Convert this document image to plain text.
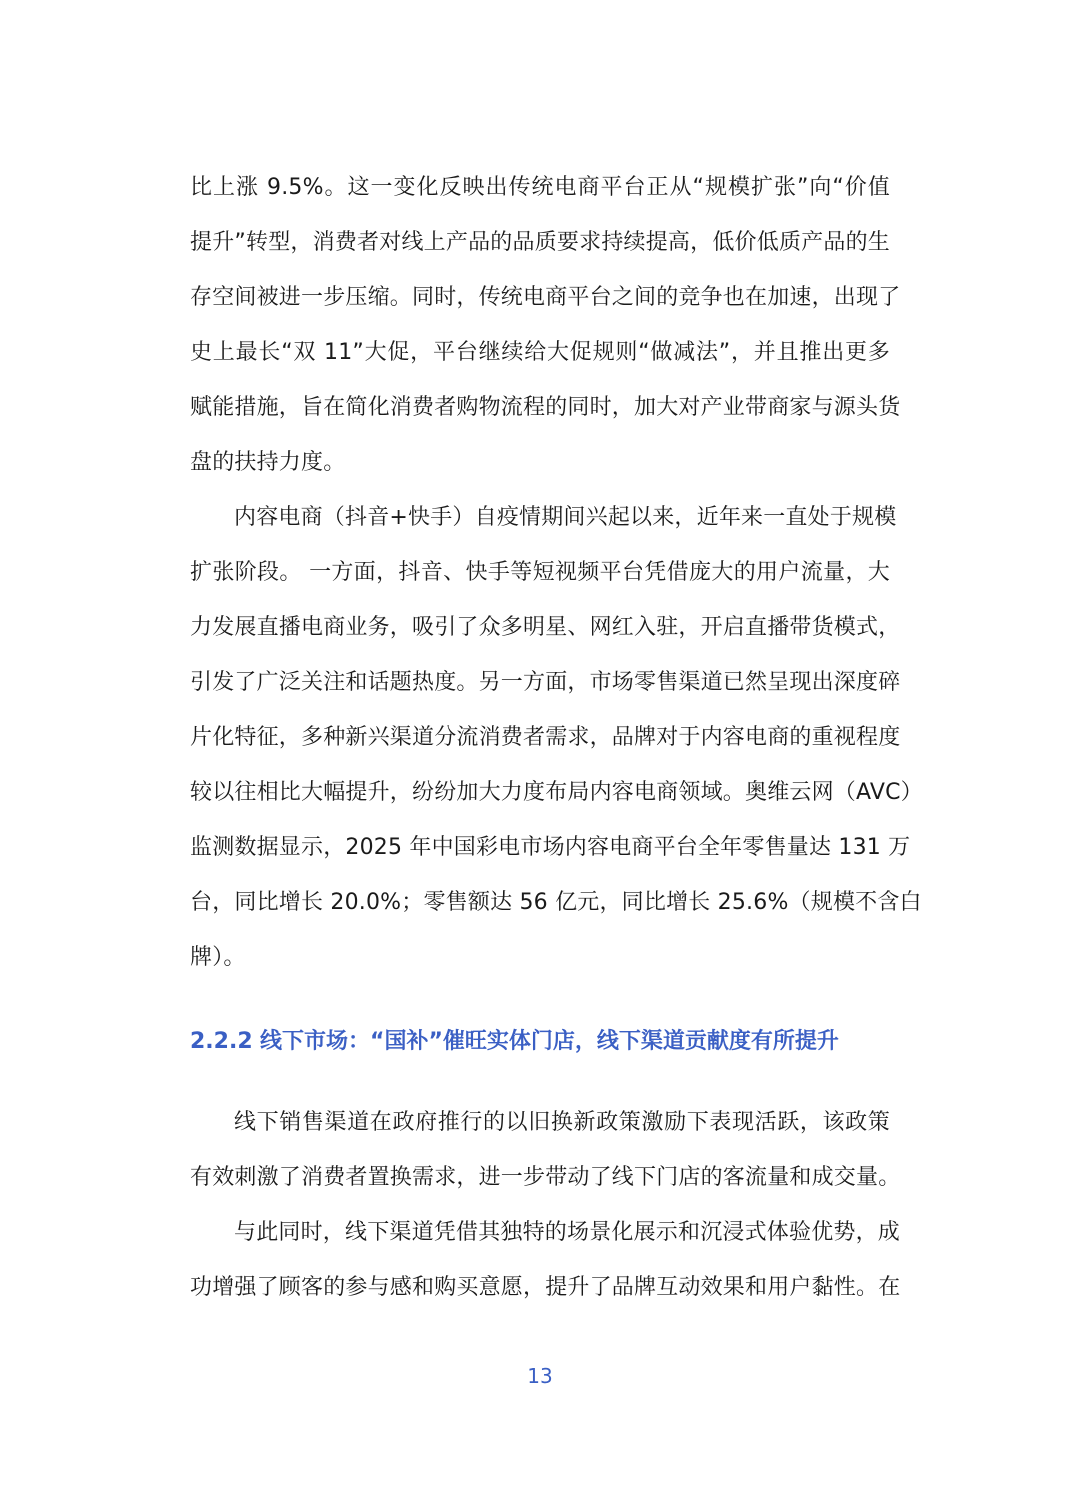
比上涨 9.5%。这一变化反映出传统电商平台正从“规模扩张”向“价值
提升”转型，消费者对线上产品的品质要求持续提高，低价低质产品的生
存空间被进一步压缩。同时，传统电商平台之间的竞争也在加速，出现了
史上最长“双 11”大促，平台继续给大促规则“做减法”，并且推出更多
赋能措施，旨在简化消费者购物流程的同时，加大对产业带商家与源头货
盘的扶持力度。
内容电商（抖音+快手）自疫情期间兴起以来，近年来一直处于规模
扩张阶段。 一方面，抖音、快手等短视频平台凭借庞大的用户流量，大
力发展直播电商业务，吸引了众多明星、网红入驻，开启直播带货模式，
引发了广泛关注和话题热度。另一方面，市场零售渠道已然呈现出深度碎
片化特征，多种新兴渠道分流消费者需求，品牌对于内容电商的重视程度
较以往相比大幅提升，纷纷加大力度布局内容电商领域。奥维云网（AVC）
监测数据显示，2025 年中国彩电市场内容电商平台全年零售量达 131 万
台，同比增长 20.0%；零售额达 56 亿元，同比增长 25.6%（规模不含白
牌）。
2.2.2 线下市场：“国补”催旺实体门店，线下渠道贡献度有所提升
线下销售渠道在政府推行的以旧换新政策激励下表现活跃，该政策
有效刺激了消费者置换需求，进一步带动了线下门店的客流量和成交量。
与此同时，线下渠道凭借其独特的场景化展示和沉浸式体验优势，成
功增强了顾客的参与感和购买意愿，提升了品牌互动效果和用户黏性。在
13
